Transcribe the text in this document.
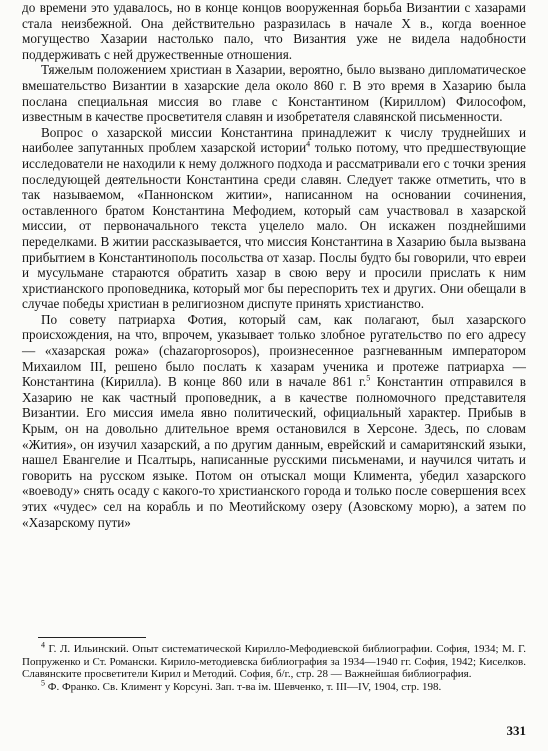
до времени это удавалось, но в конце концов вооруженная борьба Византии с хазарами стала неизбежной. Она действительно разразилась в начале X в., когда военное могущество Хазарии настолько пало, что Византия уже не видела надобности поддерживать с ней дружественные отношения.

Тяжелым положением христиан в Хазарии, вероятно, было вызвано дипломатическое вмешательство Византии в хазарские дела около 860 г. В это время в Хазарию была послана специальная миссия во главе с Константином (Кириллом) Философом, известным в качестве просветителя славян и изобретателя славянской письменности.

Вопрос о хазарской миссии Константина принадлежит к числу труднейших и наиболее запутанных проблем хазарской истории$^4$ только потому, что предшествующие исследователи не находили к нему должного подхода и рассматривали его с точки зрения последующей деятельности Константина среди славян. Следует также отметить, что в так называемом, «Паннонском житии», написанном на основании сочинения, оставленного братом Константина Мефодием, который сам участвовал в хазарской миссии, от первоначального текста уцелело мало. Он искажен позднейшими переделками. В житии рассказывается, что миссия Константина в Хазарию была вызвана прибытием в Константинополь посольства от хазар. Послы будто бы говорили, что евреи и мусульмане стараются обратить хазар в свою веру и просили прислать к ним христианского проповедника, который мог бы переспорить тех и других. Они обещали в случае победы христиан в религиозном диспуте принять христианство.

По совету патриарха Фотия, который сам, как полагают, был хазарского происхождения, на что, впрочем, указывает только злобное ругательство по его адресу — «хазарская рожа» (chazarοprosopos), произнесенное разгневанным императором Михаилом III, решено было послать к хазарам ученика и протеже патриарха — Константина (Кирилла). В конце 860 или в начале 861 г.$^5$ Константин отправился в Хазарию не как частный проповедник, а в качестве полномочного представителя Византии. Его миссия имела явно политический, официальный характер. Прибыв в Крым, он на довольно длительное время остановился в Херсоне. Здесь, по словам «Жития», он изучил хазарский, а по другим данным, еврейский и самаритянский языки, нашел Евангелие и Псалтырь, написанные русскими письменами, и научился читать и говорить на русском языке. Потом он отыскал мощи Климента, убедил хазарского «воеводу» снять осаду с какого-то христианского города и только после совершения всех этих «чудес» сел на корабль и по Меотийскому озеру (Азовскому морю), а затем по «Хазарскому пути»

$^4$ Г. Л. Ильинский. Опыт систематической Кирилло-Мефодиевской библиографии. София, 1934; М. Г. Попруженко и Ст. Романски. Кирило-методиевска библиография за 1934—1940 гг. София, 1942; Киселков. Славянските просветители Кирил и Методий. София, б/г., стр. 28 — Важнейшая библиография.

$^5$ Ф. Франко. Св. Климент у Корсунi. Зап. т-ва iм. Шевченко, т. III—IV, 1904, стр. 198.

331
